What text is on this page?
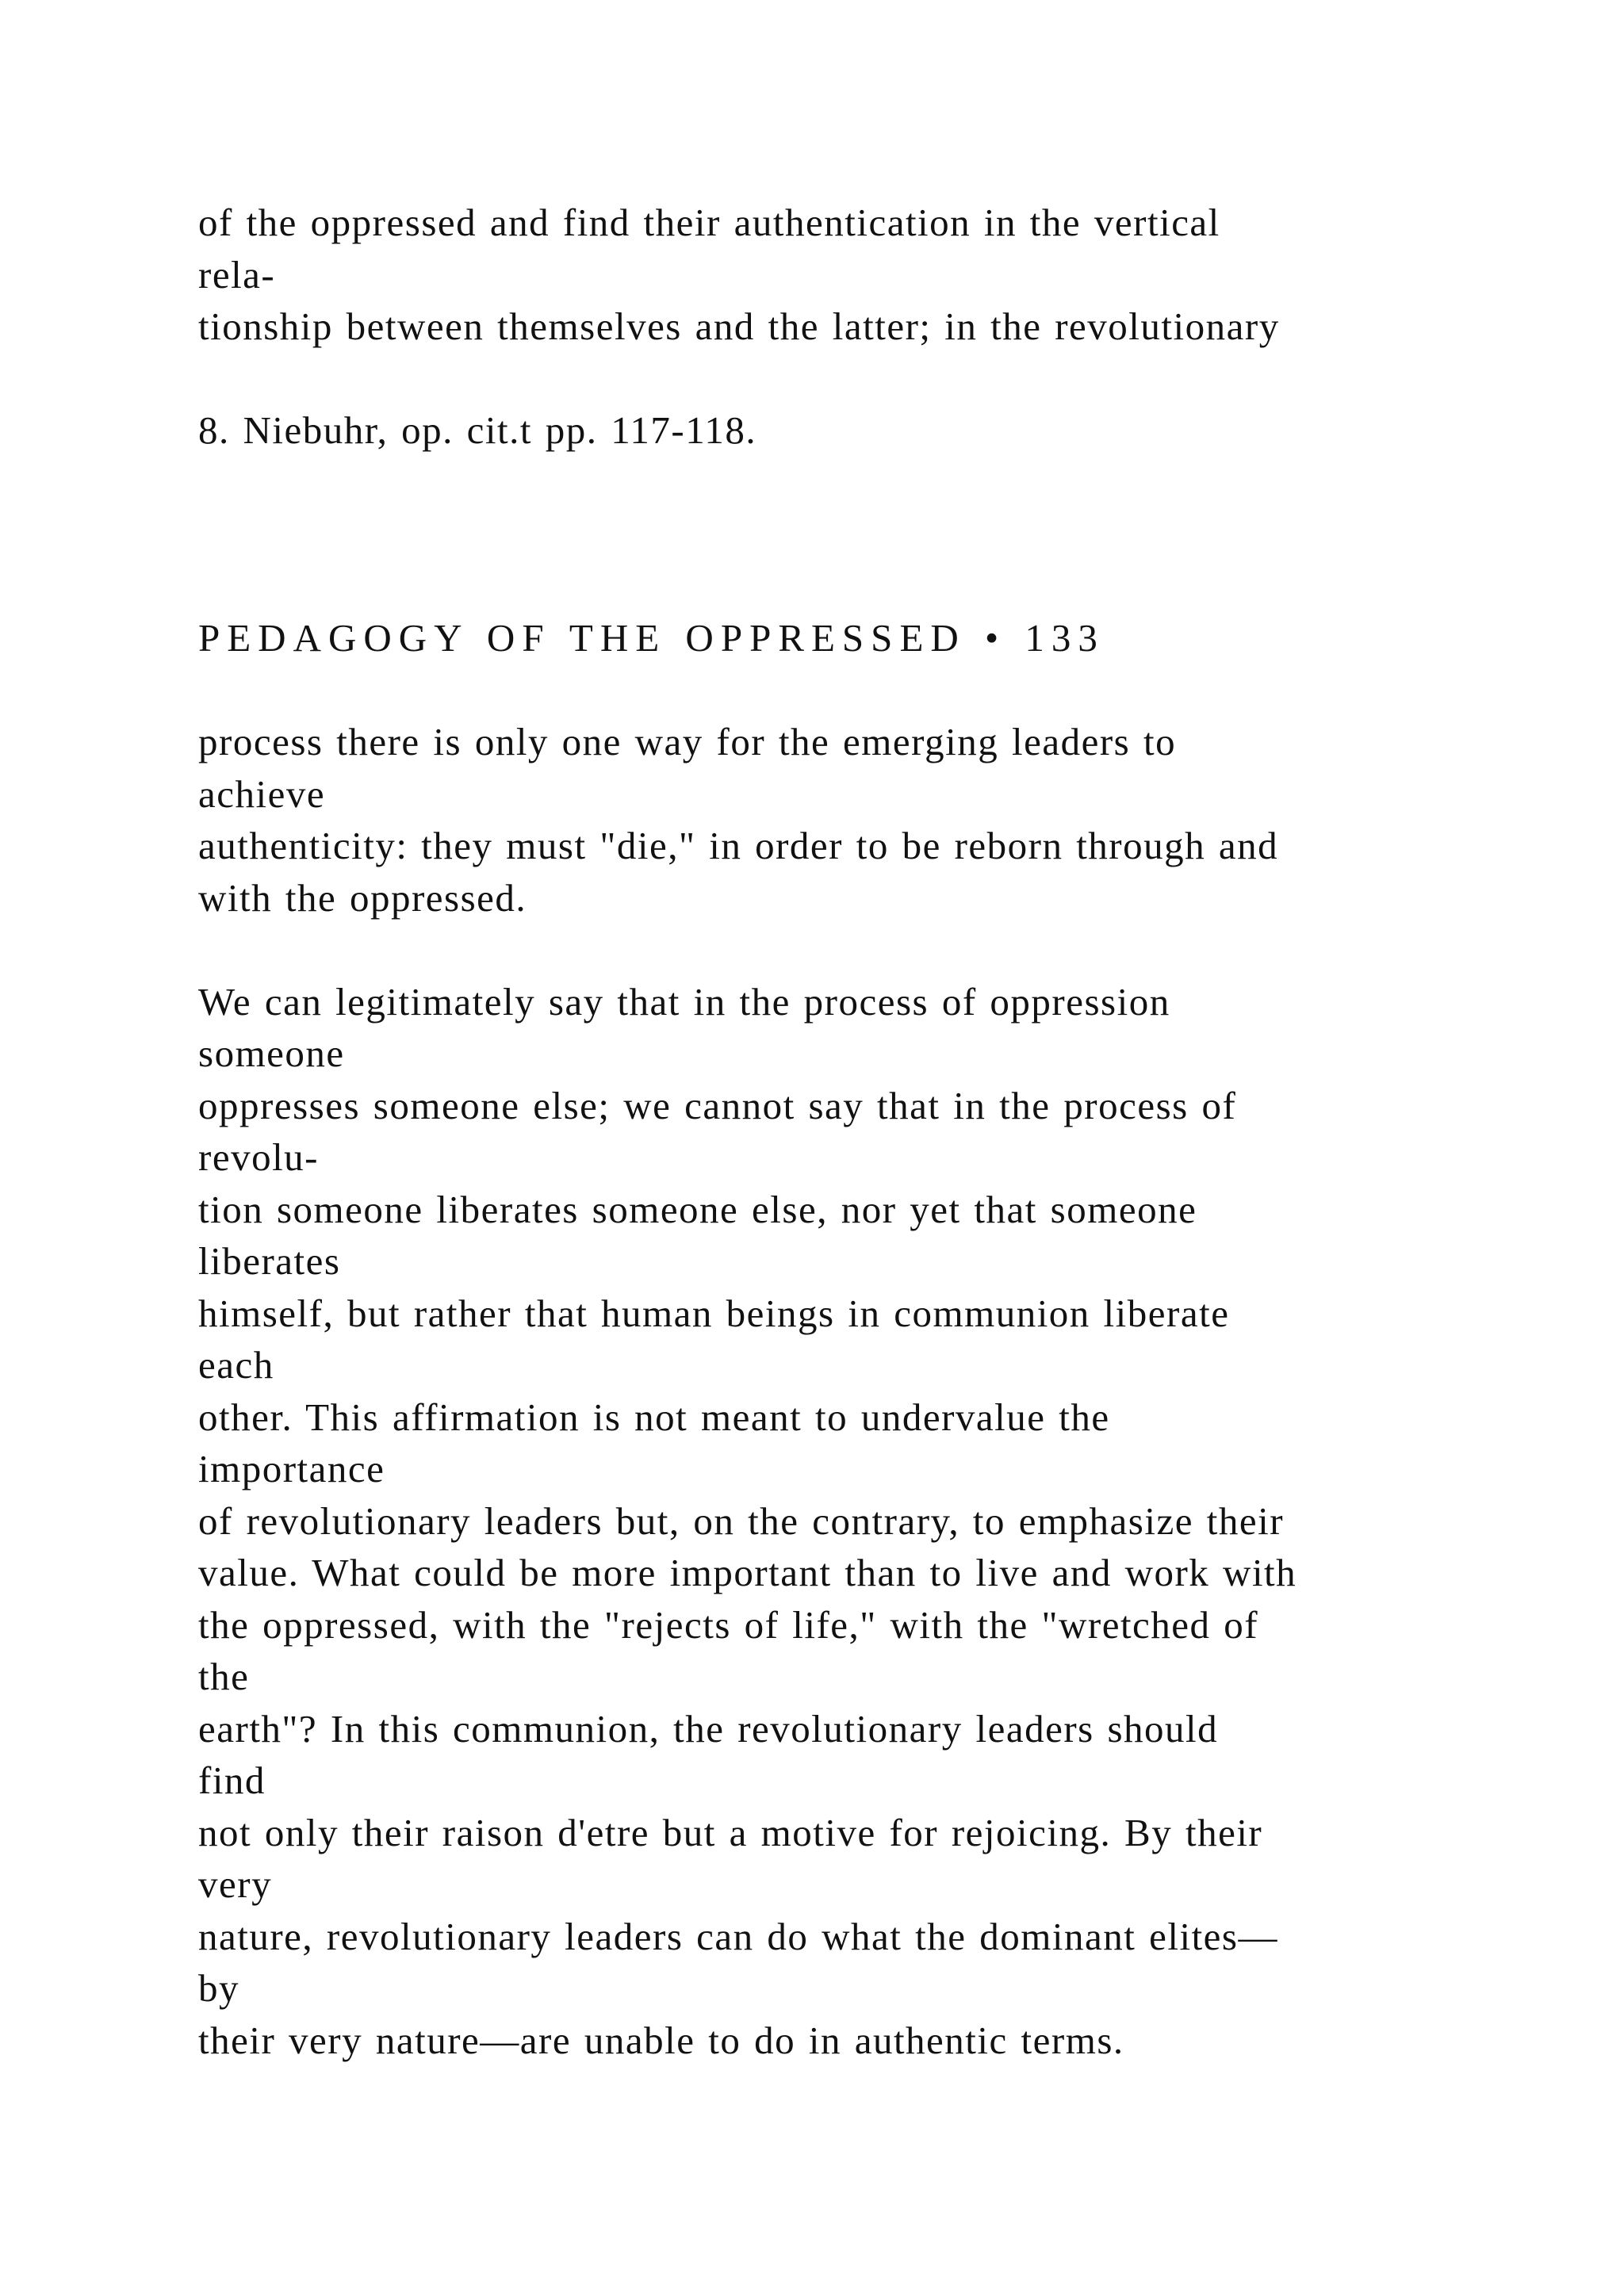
of the oppressed and find their authentication in the vertical
rela-
tionship between themselves and the latter; in the revolutionary
8. Niebuhr, op. cit.t pp. 117-118.
PEDAGOGY OF THE OPPRESSED • 133
process there is only one way for the emerging leaders to
achieve
authenticity: they must "die," in order to be reborn through and
with the oppressed.
We can legitimately say that in the process of oppression
someone
oppresses someone else; we cannot say that in the process of
revolu-
tion someone liberates someone else, nor yet that someone
liberates
himself, but rather that human beings in communion liberate
each
other. This affirmation is not meant to undervalue the
importance
of revolutionary leaders but, on the contrary, to emphasize their
value. What could be more important than to live and work with
the oppressed, with the "rejects of life," with the "wretched of
the
earth"? In this communion, the revolutionary leaders should
find
not only their raison d'etre but a motive for rejoicing. By their
very
nature, revolutionary leaders can do what the dominant elites—
by
their very nature—are unable to do in authentic terms.
